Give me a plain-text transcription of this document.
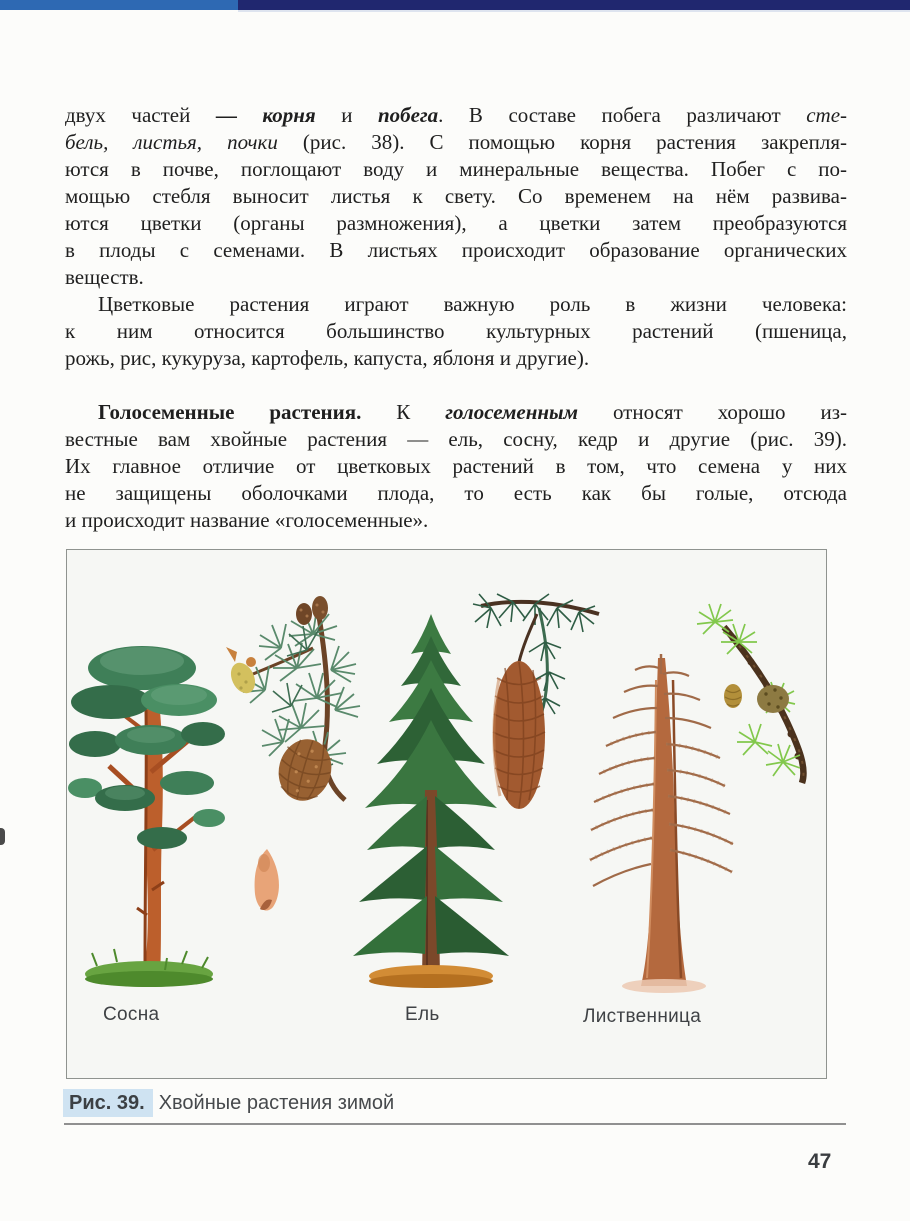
двух частей — корня и побега. В составе побега различают сте-
бель, листья, почки (рис. 38). С помощью корня растения закрепля-
ются в почве, поглощают воду и минеральные вещества. Побег с по-
мощью стебля выносит листья к свету. Со временем на нём развива-
ются цветки (органы размножения), а цветки затем преобразуются
в плоды с семенами. В листьях происходит образование органических
веществ.
Цветковые растения играют важную роль в жизни человека:
к ним относится большинство культурных растений (пшеница,
рожь, рис, кукуруза, картофель, капуста, яблоня и другие).
Голосеменные растения. К голосеменным относят хорошо из-
вестные вам хвойные растения — ель, сосну, кедр и другие (рис. 39).
Их главное отличие от цветковых растений в том, что семена у них
не защищены оболочками плода, то есть как бы голые, отсюда
и происходит название «голосеменные».
Сосна	Ель	Лиственница
Рис. 39. Хвойные растения зимой
47
